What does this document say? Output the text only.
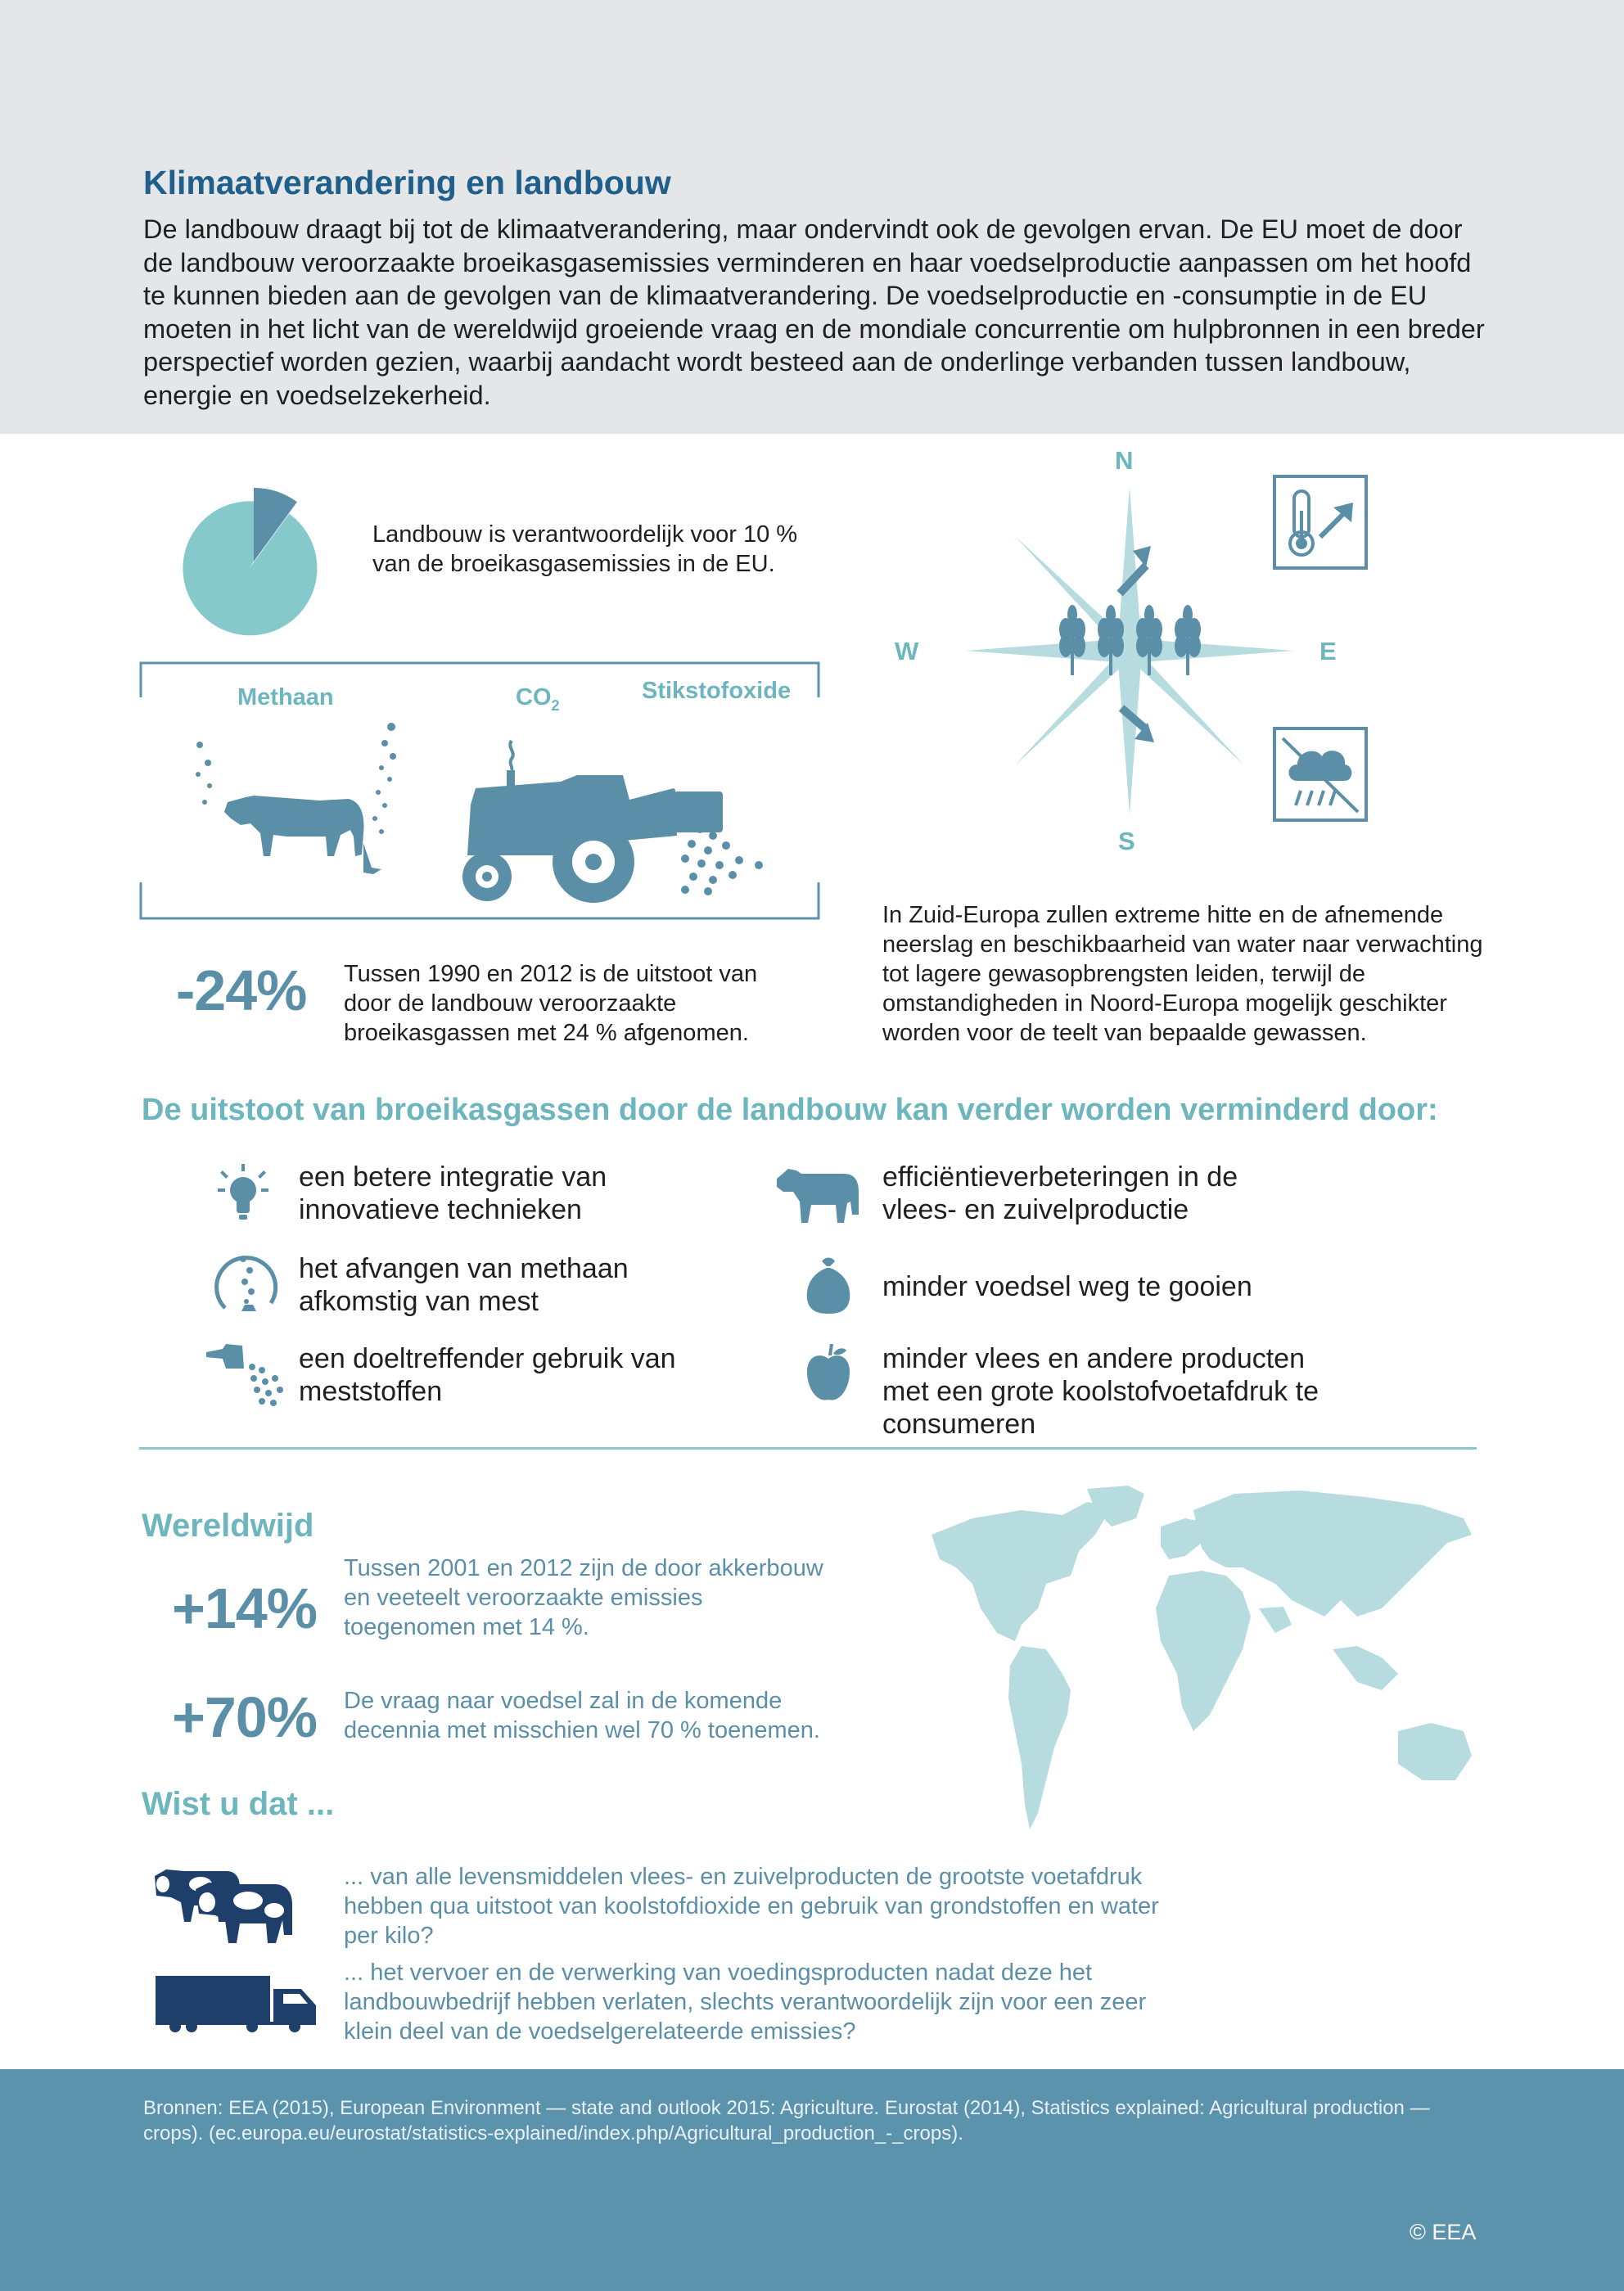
Klimaatverandering en landbouw
De landbouw draagt bij tot de klimaatverandering, maar ondervindt ook de gevolgen ervan. De EU moet de door de landbouw veroorzaakte broeikasgasemissies verminderen en haar voedselproductie aanpassen om het hoofd te kunnen bieden aan de gevolgen van de klimaatverandering. De voedselproductie en -consumptie in de EU moeten in het licht van de wereldwijd groeiende vraag en de mondiale concurrentie om hulpbronnen in een breder perspectief worden gezien, waarbij aandacht wordt besteed aan de onderlinge verbanden tussen landbouw, energie en voedselzekerheid.
Landbouw is verantwoordelijk voor 10 % van de broeikasgasemissies in de EU.
Methaan	$CO_2$
Stikstofoxide
-24% Tussen 1990 en 2012 is de uitstoot van door de landbouw veroorzaakte broeikasgassen met 24 % afgenomen.
N
W	E
S
In Zuid-Europa zullen extreme hitte en de afnemende neerslag en beschikbaarheid van water naar verwachting tot lagere gewasopbrengsten leiden, terwijl de omstandigheden in Noord-Europa mogelijk geschikter worden voor de teelt van bepaalde gewassen.
De uitstoot van broeikasgassen door de landbouw kan verder worden verminderd door:
een betere integratie van
innovatieve technieken
efficiëntieverbeteringen in de
vlees- en zuivelproductie
het afvangen van methaan
afkomstig van mest	minder voedsel weg te gooien
een doeltreffender gebruik van
meststoffen
minder vlees en andere producten
met een grote koolstofvoetafdruk te
consumeren
Wereldwijd
+14%
Tussen 2001 en 2012 zijn de door akkerbouw en veeteelt veroorzaakte emissies toegenomen met 14 %.
+70% De vraag naar voedsel zal in de komende decennia met misschien wel 70 % toenemen.
Wist u dat ...
... van alle levensmiddelen vlees- en zuivelproducten de grootste voetafdruk hebben qua uitstoot van koolstofdioxide en gebruik van grondstoffen en water per kilo?
... het vervoer en de verwerking van voedingsproducten nadat deze het landbouwbedrijf hebben verlaten, slechts verantwoordelijk zijn voor een zeer klein deel van de voedselgerelateerde emissies?
Bronnen: EEA (2015), European Environment — state and outlook 2015: Agriculture. Eurostat (2014), Statistics explained: Agricultural production — crops). (ec.europa.eu/eurostat/statistics-explained/index.php/Agricultural_production_-_crops).
© EEA
